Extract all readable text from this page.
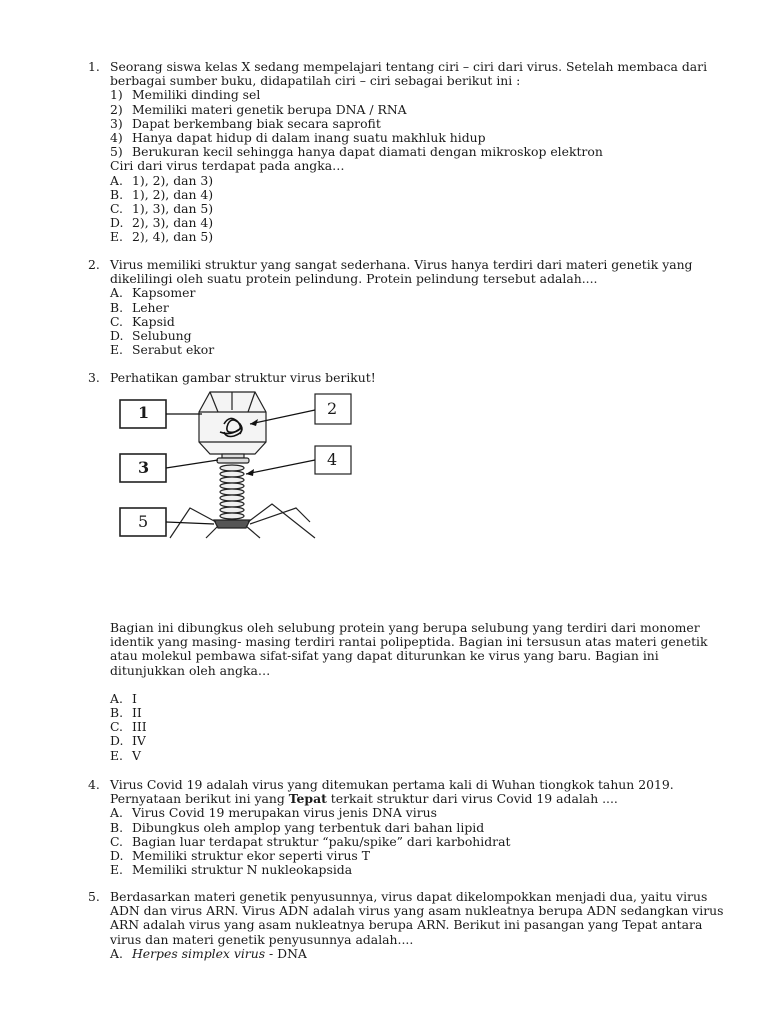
1. Seorang siswa kelas X sedang mempelajari tentang ciri – ciri dari virus. Setelah membaca dari
berbagai sumber buku, didapatilah ciri – ciri sebagai berikut ini :
1) Memiliki dinding sel
2) Memiliki materi genetik berupa DNA / RNA
3) Dapat berkembang biak secara saprofit
4) Hanya dapat hidup di dalam inang suatu makhluk hidup
5) Berukuran kecil sehingga hanya dapat diamati dengan mikroskop elektron
Ciri dari virus terdapat pada angka…
A. 1), 2), dan 3)
B. 1), 2), dan 4)
C. 1), 3), dan 5)
D. 2), 3), dan 4)
E. 2), 4), dan 5)
2. Virus memiliki struktur yang sangat sederhana. Virus hanya terdiri dari materi genetik yang
dikelilingi oleh suatu protein pelindung. Protein pelindung tersebut adalah....
A. Kapsomer
B. Leher
C. Kapsid
D. Selubung
E. Serabut ekor
3. Perhatikan gambar struktur virus berikut!
1	2
3	4
5
Bagian ini dibungkus oleh selubung protein yang berupa selubung yang terdiri dari monomer
identik yang masing- masing terdiri rantai polipeptida. Bagian ini tersusun atas materi genetik
atau molekul pembawa sifat-sifat yang dapat diturunkan ke virus yang baru. Bagian ini
ditunjukkan oleh angka…
A. I
B. II
C. III
D. IV
E. V
4. Virus Covid 19 adalah virus yang ditemukan pertama kali di Wuhan tiongkok tahun 2019.
Pernyataan berikut ini yang Tepat terkait struktur dari virus Covid 19 adalah ....
A. Virus Covid 19 merupakan virus jenis DNA virus
B. Dibungkus oleh amplop yang terbentuk dari bahan lipid
C. Bagian luar terdapat struktur “paku/spike” dari karbohidrat
D. Memiliki struktur ekor seperti virus T
E. Memiliki struktur N nukleokapsida
5. Berdasarkan materi genetik penyusunnya, virus dapat dikelompokkan menjadi dua, yaitu virus
ADN dan virus ARN. Virus ADN adalah virus yang asam nukleatnya berupa ADN sedangkan virus
ARN adalah virus yang asam nukleatnya berupa ARN. Berikut ini pasangan yang Tepat antara
virus dan materi genetik penyusunnya adalah....
A. Herpes simplex virus - DNA
